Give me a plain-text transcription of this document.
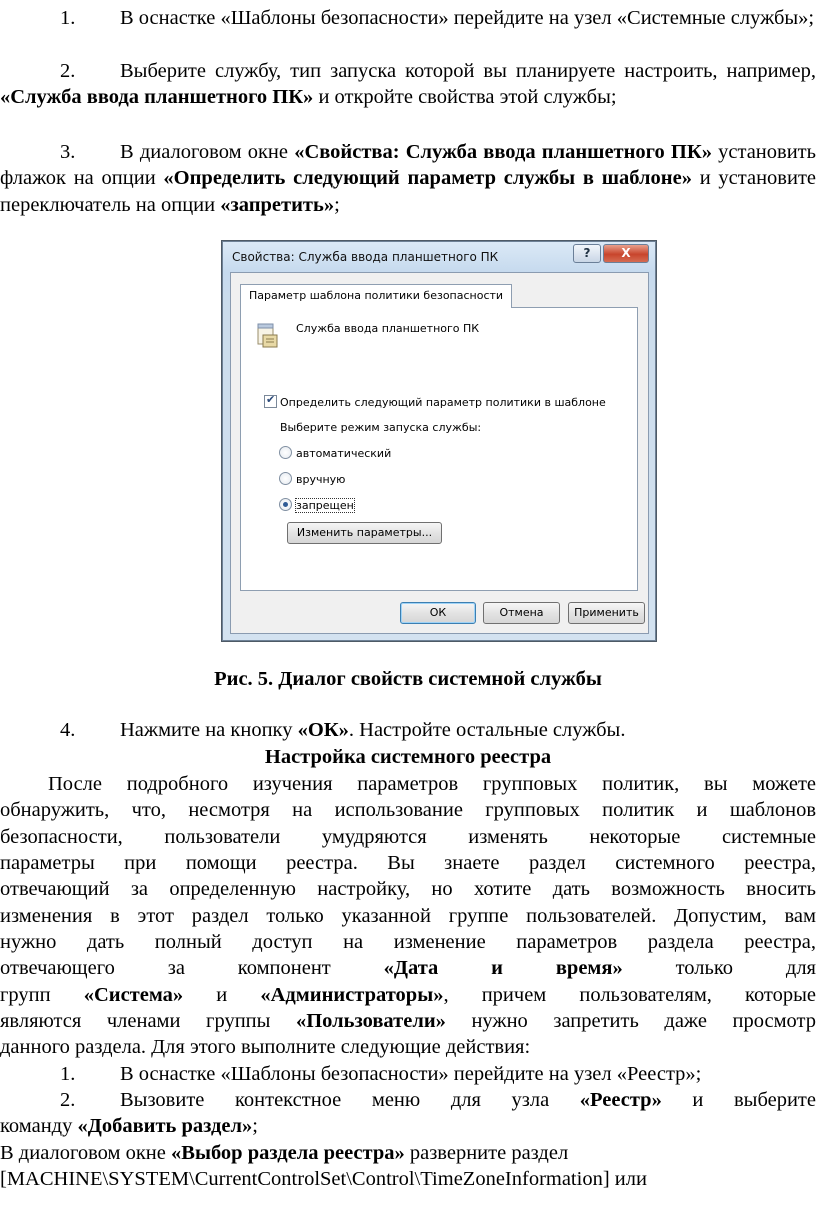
1. В оснастке «Шаблоны безопасности» перейдите на узел «Системные службы»;
2. Выберите службу, тип запуска которой вы планируете настроить, например, «Служба ввода планшетного ПК» и откройте свойства этой службы;
3. В диалоговом окне «Свойства: Служба ввода планшетного ПК» установить флажок на опции «Определить следующий параметр службы в шаблоне» и установите переключатель на опции «запретить»;
Свойства: Служба ввода планшетного ПК	?	X
Параметр шаблона политики безопасности
Служба ввода планшетного ПК
✔ Определить следующий параметр политики в шаблоне
Выберите режим запуска службы:
автоматический
вручную
запрещен
Изменить параметры...
ОК	Отмена	Применить
Рис. 5. Диалог свойств системной службы
4. Нажмите на кнопку «ОК». Настройте остальные службы.
Настройка системного реестра
После подробного изучения параметров групповых политик, вы можете
обнаружить, что, несмотря на использование групповых политик и шаблонов
безопасности, пользователи умудряются изменять некоторые системные
параметры при помощи реестра. Вы знаете раздел системного реестра,
отвечающий за определенную настройку, но хотите дать возможность вносить
изменения в этот раздел только указанной группе пользователей. Допустим, вам
нужно дать полный доступ на изменение параметров раздела реестра,
отвечающего за компонент «Дата и время» только для
групп «Система» и «Администраторы», причем пользователям, которые
являются членами группы «Пользователи» нужно запретить даже просмотр
данного раздела. Для этого выполните следующие действия:
1. В оснастке «Шаблоны безопасности» перейдите на узел «Реестр»;
2. Вызовите контекстное меню для узла «Реестр» и выберите
команду «Добавить раздел»;
В диалоговом окне «Выбор раздела реестра» разверните раздел
[MACHINE\SYSTEM\CurrentControlSet\Control\TimeZoneInformation] или
